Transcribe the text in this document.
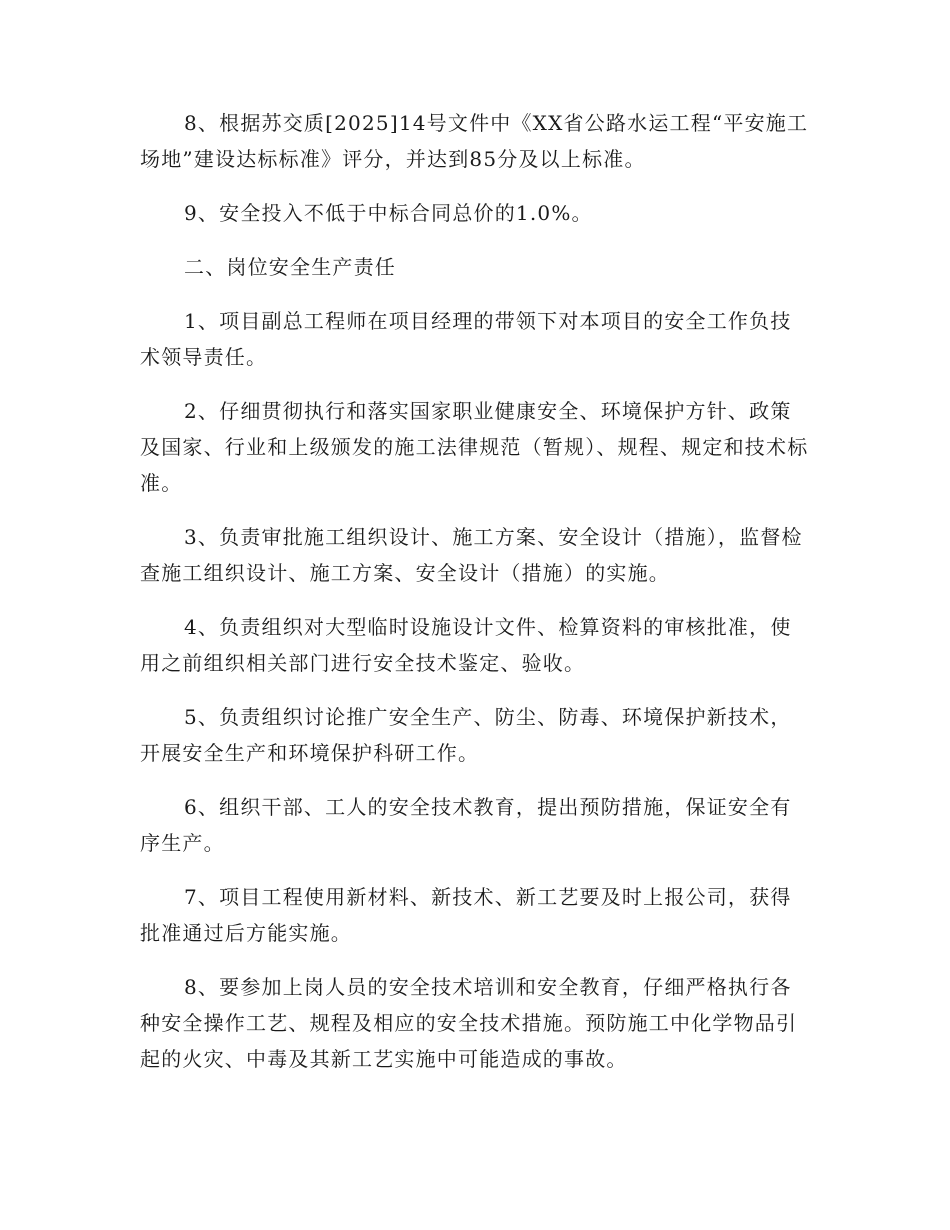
8、根据苏交质[2025]14号文件中《XX省公路水运工程“平安施工场地”建设达标标准》评分，并达到85分及以上标准。

9、安全投入不低于中标合同总价的1.0%。

二、岗位安全生产责任

1、项目副总工程师在项目经理的带领下对本项目的安全工作负技术领导责任。

2、仔细贯彻执行和落实国家职业健康安全、环境保护方针、政策及国家、行业和上级颁发的施工法律规范（暂规）、规程、规定和技术标准。

3、负责审批施工组织设计、施工方案、安全设计（措施），监督检查施工组织设计、施工方案、安全设计（措施）的实施。

4、负责组织对大型临时设施设计文件、检算资料的审核批准，使用之前组织相关部门进行安全技术鉴定、验收。

5、负责组织讨论推广安全生产、防尘、防毒、环境保护新技术，开展安全生产和环境保护科研工作。

6、组织干部、工人的安全技术教育，提出预防措施，保证安全有序生产。

7、项目工程使用新材料、新技术、新工艺要及时上报公司，获得批准通过后方能实施。

8、要参加上岗人员的安全技术培训和安全教育，仔细严格执行各种安全操作工艺、规程及相应的安全技术措施。预防施工中化学物品引起的火灾、中毒及其新工艺实施中可能造成的事故。
